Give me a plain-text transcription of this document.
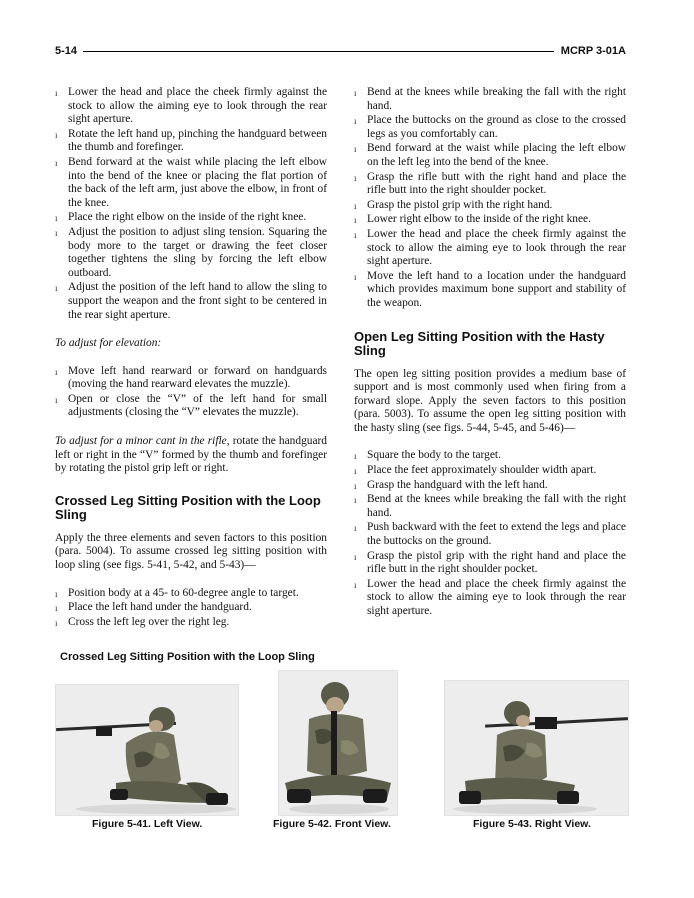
5-14	MCRP 3-01A
ı Lower the head and place the cheek firmly against the stock to allow the aiming eye to look through the rear sight aperture.
ı Rotate the left hand up, pinching the handguard between the thumb and forefinger.
ı Bend forward at the waist while placing the left elbow into the bend of the knee or placing the flat portion of the back of the left arm, just above the elbow, in front of the knee.
ı Place the right elbow on the inside of the right knee.
ı Adjust the position to adjust sling tension. Squaring the body more to the target or drawing the feet closer together tightens the sling by forcing the left elbow outboard.
ı Adjust the position of the left hand to allow the sling to support the weapon and the front sight to be centered in the rear sight aperture.

To adjust for elevation:

ı Move left hand rearward or forward on handguards (moving the hand rearward elevates the muzzle).
ı Open or close the “V” of the left hand for small adjustments (closing the “V” elevates the muzzle).

To adjust for a minor cant in the rifle, rotate the handguard left or right in the “V” formed by the thumb and forefinger by rotating the pistol grip left or right.

Crossed Leg Sitting Position with the Loop Sling

Apply the three elements and seven factors to this position (para. 5004). To assume crossed leg sitting position with loop sling (see figs. 5-41, 5-42, and 5-43)—

ı Position body at a 45- to 60-degree angle to target.
ı Place the left hand under the handguard.
ı Cross the left leg over the right leg.
ı Bend at the knees while breaking the fall with the right hand.
ı Place the buttocks on the ground as close to the crossed legs as you comfortably can.
ı Bend forward at the waist while placing the left elbow on the left leg into the bend of the knee.
ı Grasp the rifle butt with the right hand and place the rifle butt into the right shoulder pocket.
ı Grasp the pistol grip with the right hand.
ı Lower right elbow to the inside of the right knee.
ı Lower the head and place the cheek firmly against the stock to allow the aiming eye to look through the rear sight aperture.
ı Move the left hand to a location under the handguard which provides maximum bone support and stability of the weapon.
Open Leg Sitting Position with the Hasty Sling

The open leg sitting position provides a medium base of support and is most commonly used when firing from a forward slope. Apply the seven factors to this position (para. 5003). To assume the open leg sitting position with the hasty sling (see figs. 5-44, 5-45, and 5-46)—

ı Square the body to the target.
ı Place the feet approximately shoulder width apart.
ı Grasp the handguard with the left hand.
ı Bend at the knees while breaking the fall with the right hand.
ı Push backward with the feet to extend the legs and place the buttocks on the ground.
ı Grasp the pistol grip with the right hand and place the rifle butt in the right shoulder pocket.
ı Lower the head and place the cheek firmly against the stock to allow the aiming eye to look through the rear sight aperture.
Crossed Leg Sitting Position with the Loop Sling
Figure 5-41. Left View.	Figure 5-42. Front View.	Figure 5-43. Right View.
